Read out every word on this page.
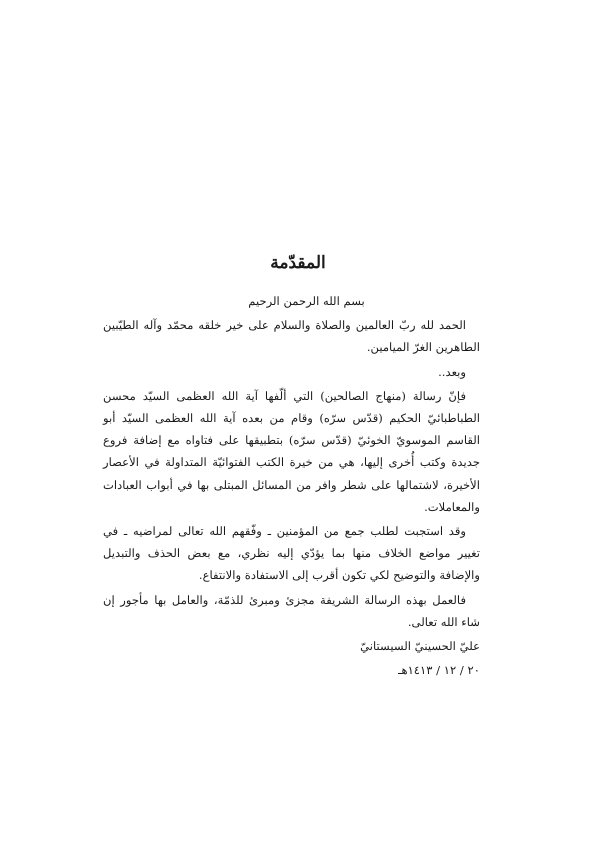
المقدّمة

بسم الله الرحمن الرحيم

الحمد لله ربّ العالمين والصلاة والسلام على خير خلقه محمّد وآله الطيّبين الطاهرين الغرّ الميامين.

وبعد..

فإنّ رسالة (منهاج الصالحين) التي ألّفها آية الله العظمى السيّد محسن الطباطبائيّ الحكيم (قدّس سرّه) وقام من بعده آية الله العظمى السيّد أبو القاسم الموسويّ الخوئيّ (قدّس سرّه) بتطبيقها على فتاواه مع إضافة فروع جديدة وكتب أُخرى إليها، هي من خيرة الكتب الفتوائيّة المتداولة في الأعصار الأخيرة، لاشتمالها على شطر وافر من المسائل المبتلى بها في أبواب العبادات والمعاملات.

وقد استجبت لطلب جمع من المؤمنين ـ وفّقهم الله تعالى لمراضيه ـ في تغيير مواضع الخلاف منها بما يؤدّي إليه نظري، مع بعض الحذف والتبديل والإضافة والتوضيح لكي تكون أقرب إلى الاستفادة والانتفاع.

فالعمل بهذه الرسالة الشريفة مجزئ ومبرئ للذمّة، والعامل بها مأجور إن شاء الله تعالى.

عليّ الحسينيّ السيستانيّ

٢٠ / ١٢ / ١٤١٣هـ
